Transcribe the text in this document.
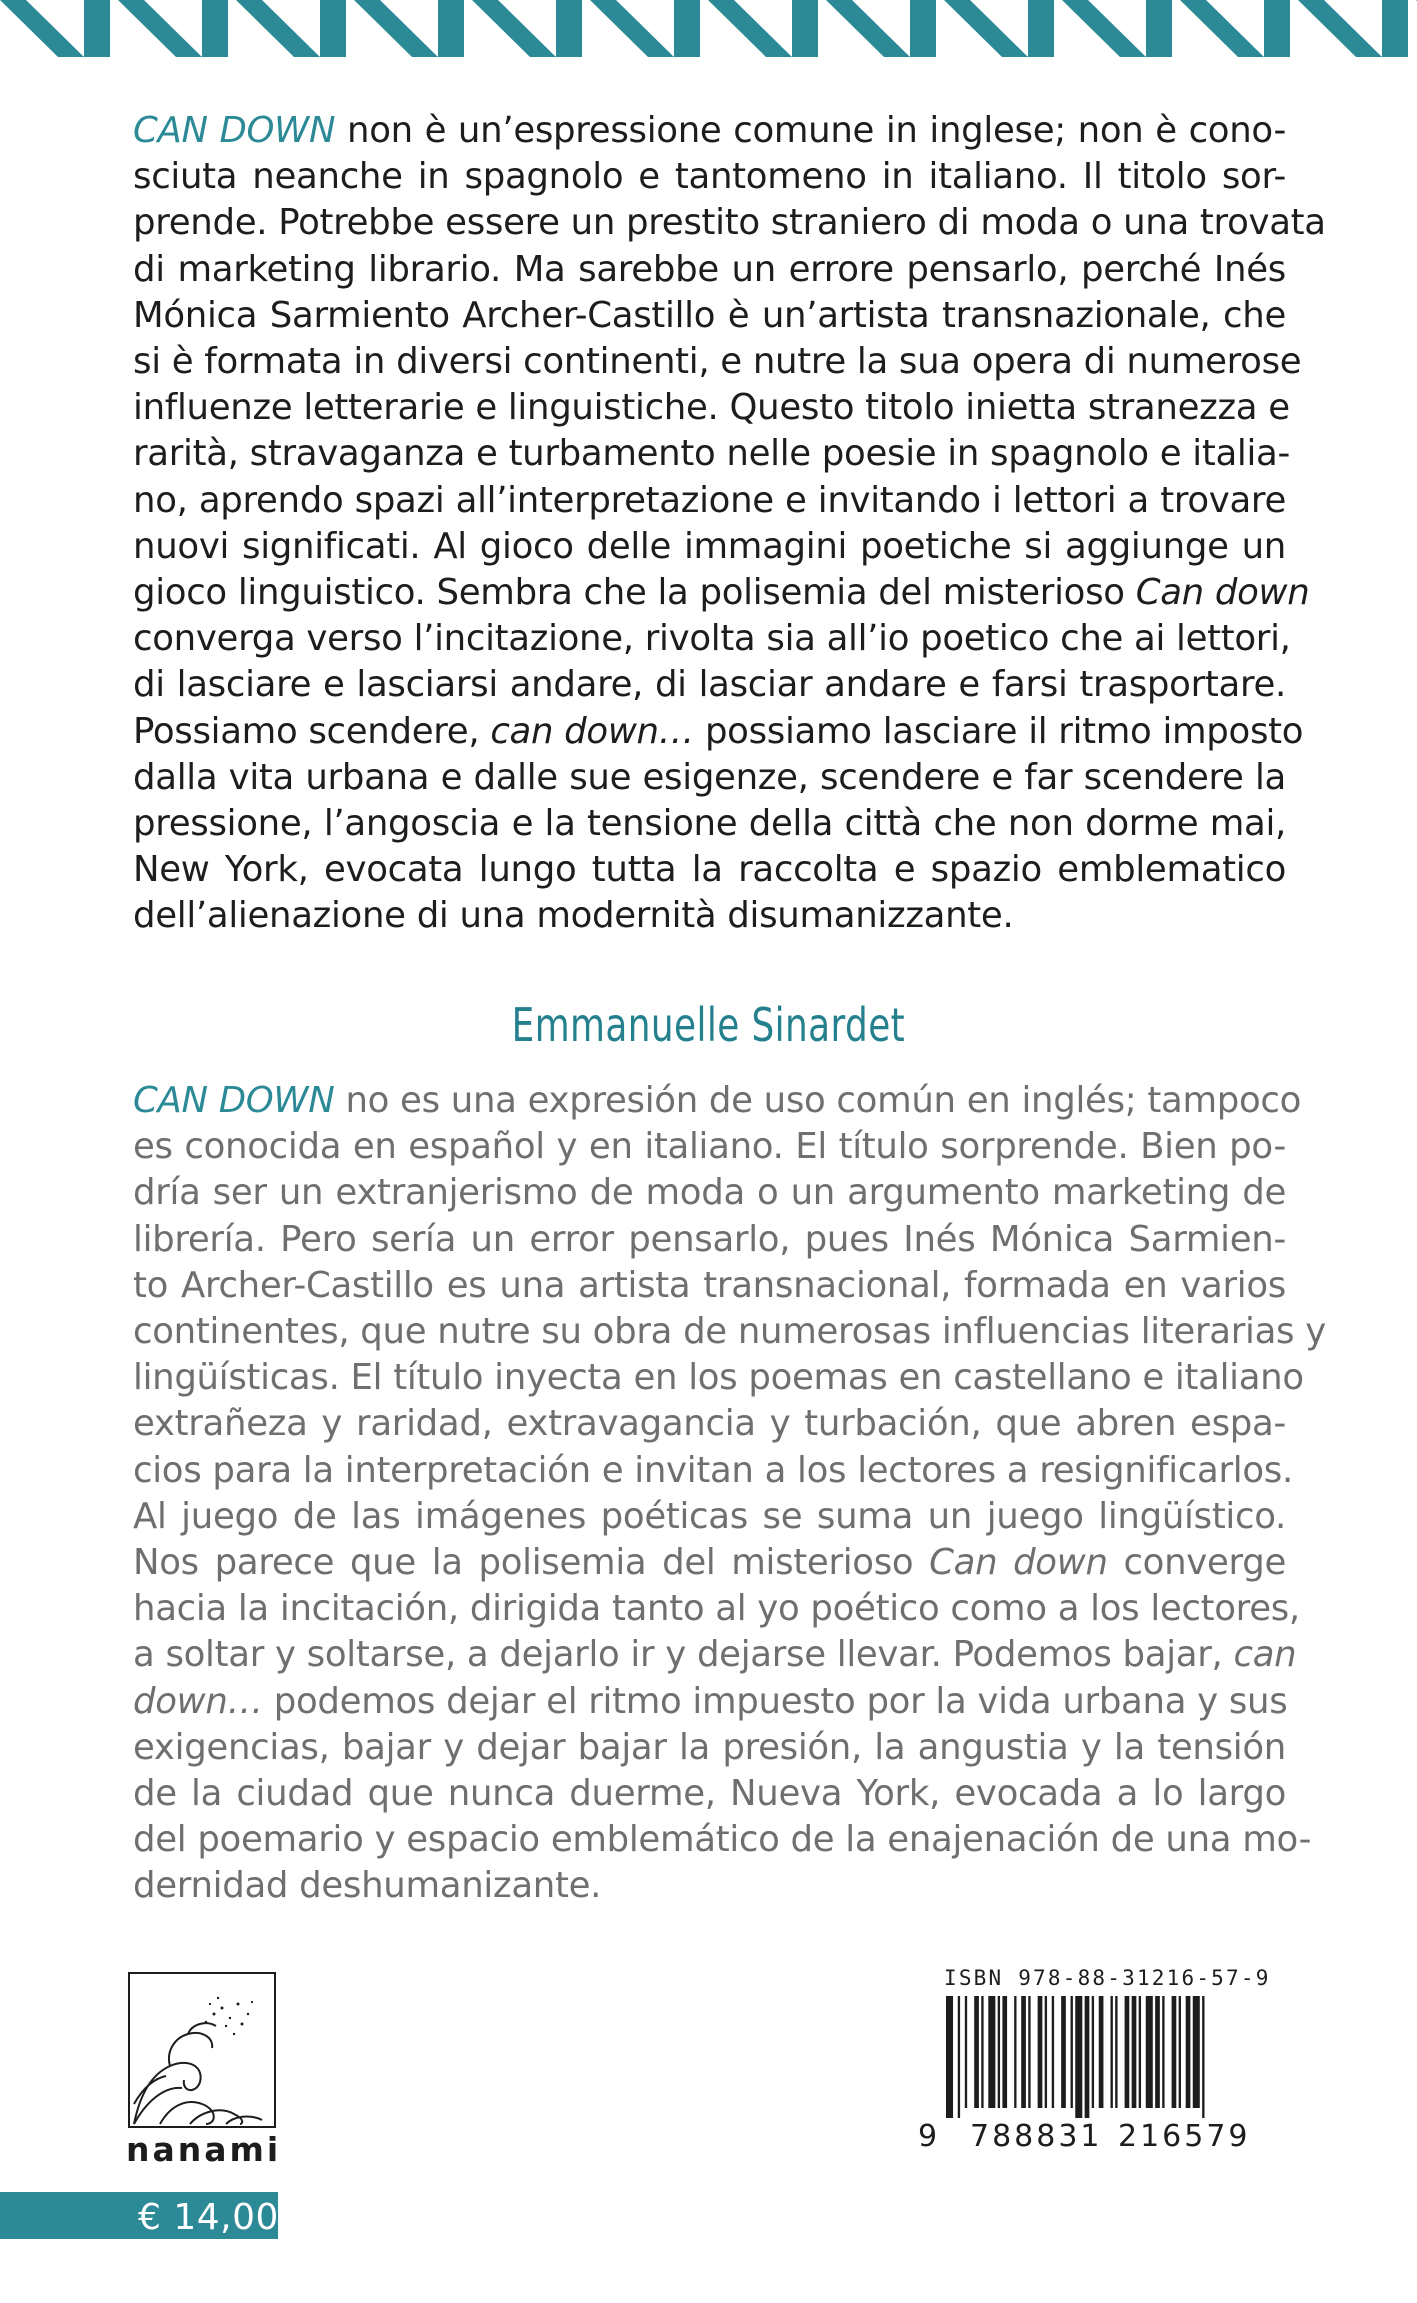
CAN DOWN non è un’espressione comune in inglese; non è cono-
sciuta neanche in spagnolo e tantomeno in italiano. Il titolo sor-
prende. Potrebbe essere un prestito straniero di moda o una trovata
di marketing librario. Ma sarebbe un errore pensarlo, perché Inés
Mónica Sarmiento Archer-Castillo è un’artista transnazionale, che
si è formata in diversi continenti, e nutre la sua opera di numerose
influenze letterarie e linguistiche. Questo titolo inietta stranezza e
rarità, stravaganza e turbamento nelle poesie in spagnolo e italia-
no, aprendo spazi all’interpretazione e invitando i lettori a trovare
nuovi significati. Al gioco delle immagini poetiche si aggiunge un
gioco linguistico. Sembra che la polisemia del misterioso Can down
converga verso l’incitazione, rivolta sia all’io poetico che ai lettori,
di lasciare e lasciarsi andare, di lasciar andare e farsi trasportare.
Possiamo scendere, can down… possiamo lasciare il ritmo imposto
dalla vita urbana e dalle sue esigenze, scendere e far scendere la
pressione, l’angoscia e la tensione della città che non dorme mai,
New York, evocata lungo tutta la raccolta e spazio emblematico
dell’alienazione di una modernità disumanizzante.

Emmanuelle Sinardet

CAN DOWN no es una expresión de uso común en inglés; tampoco
es conocida en español y en italiano. El título sorprende. Bien po-
dría ser un extranjerismo de moda o un argumento marketing de
librería. Pero sería un error pensarlo, pues Inés Mónica Sarmien-
to Archer-Castillo es una artista transnacional, formada en varios
continentes, que nutre su obra de numerosas influencias literarias y
lingüísticas. El título inyecta en los poemas en castellano e italiano
extrañeza y raridad, extravagancia y turbación, que abren espa-
cios para la interpretación e invitan a los lectores a resignificarlos.
Al juego de las imágenes poéticas se suma un juego lingüístico.
Nos parece que la polisemia del misterioso Can down converge
hacia la incitación, dirigida tanto al yo poético como a los lectores,
a soltar y soltarse, a dejarlo ir y dejarse llevar. Podemos bajar, can
down… podemos dejar el ritmo impuesto por la vida urbana y sus
exigencias, bajar y dejar bajar la presión, la angustia y la tensión
de la ciudad que nunca duerme, Nueva York, evocada a lo largo
del poemario y espacio emblemático de la enajenación de una mo-
dernidad deshumanizante.

nanami
€ 14,00
ISBN 978-88-31216-57-9
9 788831 216579
